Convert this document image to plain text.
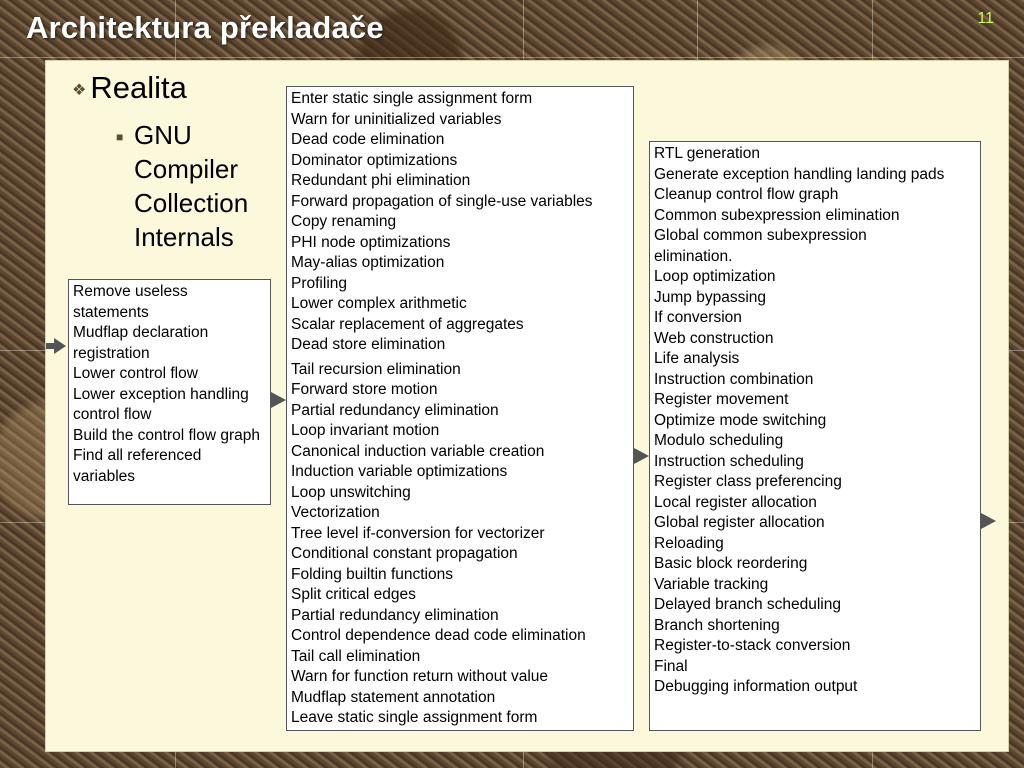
Architektura překladače	11
❖ Realita
■ GNU Compiler Collection Internals
Remove useless statements
Mudflap declaration registration
Lower control flow
Lower exception handling control flow
Build the control flow graph
Find all referenced variables
Enter static single assignment form
Warn for uninitialized variables
Dead code elimination
Dominator optimizations
Redundant phi elimination
Forward propagation of single-use variables
Copy renaming
PHI node optimizations
May-alias optimization
Profiling
Lower complex arithmetic
Scalar replacement of aggregates
Dead store elimination
Tail recursion elimination
Forward store motion
Partial redundancy elimination
Loop invariant motion
Canonical induction variable creation
Induction variable optimizations
Loop unswitching
Vectorization
Tree level if-conversion for vectorizer
Conditional constant propagation
Folding builtin functions
Split critical edges
Partial redundancy elimination
Control dependence dead code elimination
Tail call elimination
Warn for function return without value
Mudflap statement annotation
Leave static single assignment form
RTL generation
Generate exception handling landing pads
Cleanup control flow graph
Common subexpression elimination
Global common subexpression
elimination.
Loop optimization
Jump bypassing
If conversion
Web construction
Life analysis
Instruction combination
Register movement
Optimize mode switching
Modulo scheduling
Instruction scheduling
Register class preferencing
Local register allocation
Global register allocation
Reloading
Basic block reordering
Variable tracking
Delayed branch scheduling
Branch shortening
Register-to-stack conversion
Final
Debugging information output
